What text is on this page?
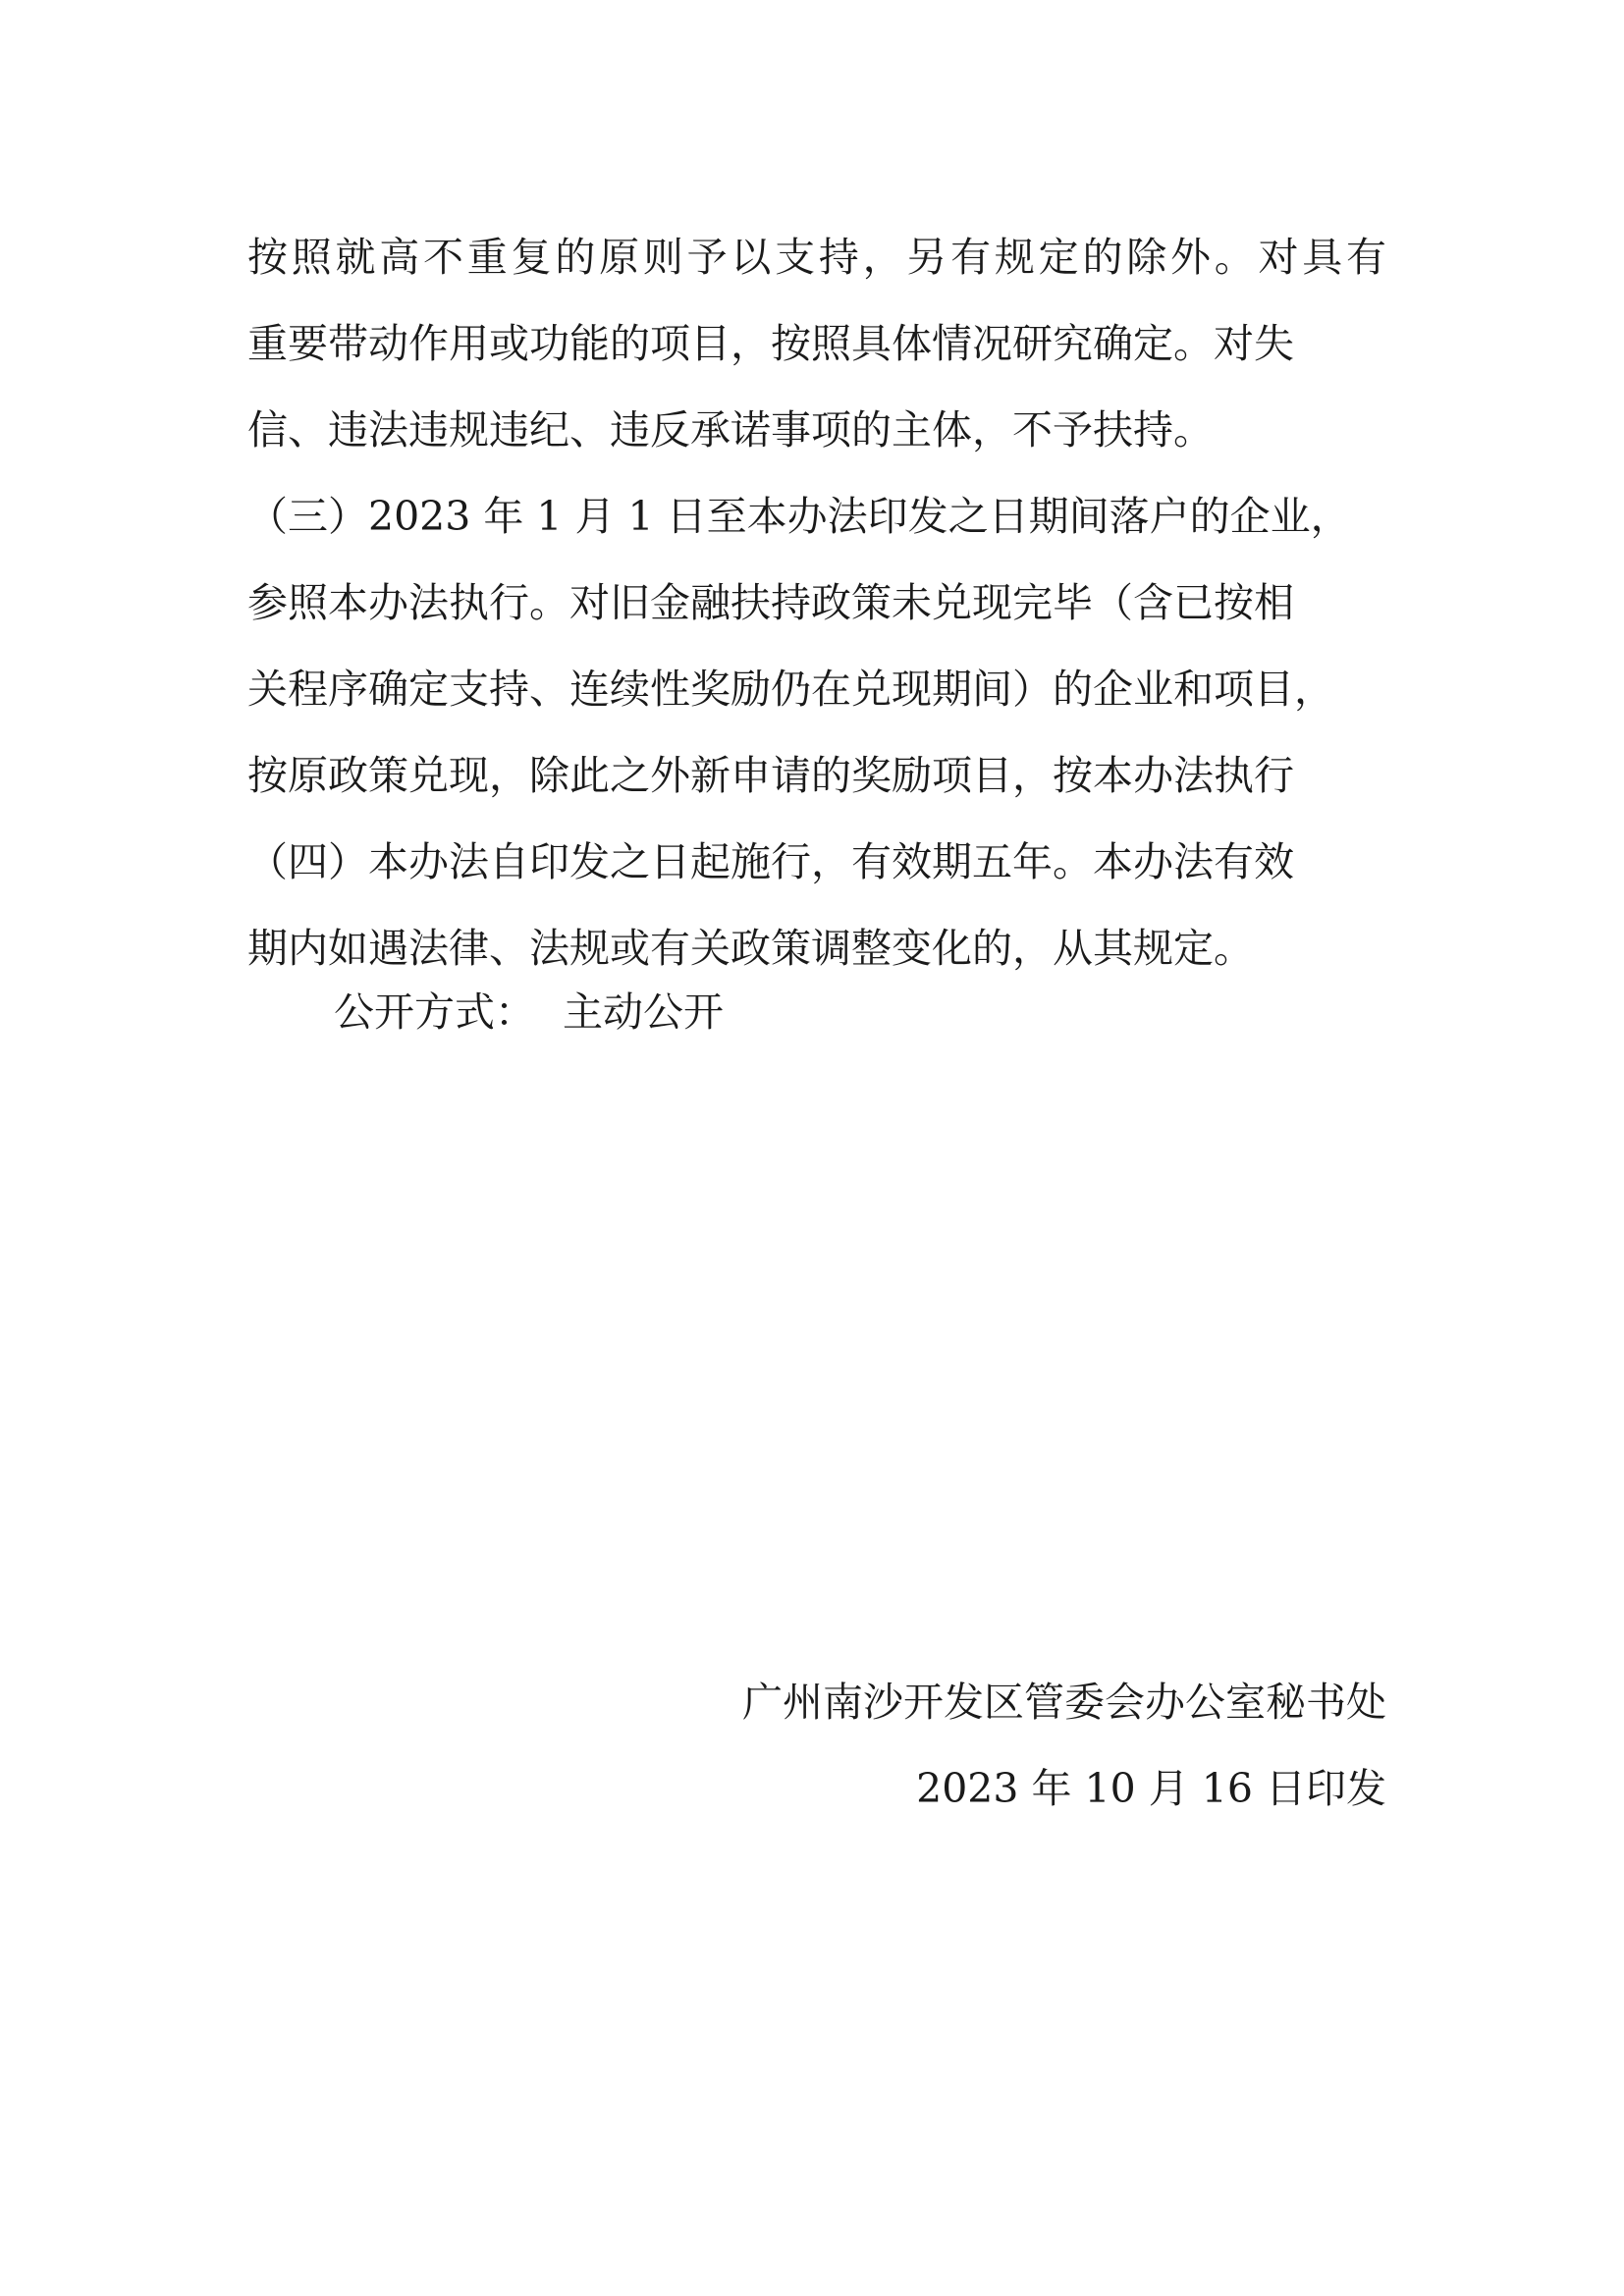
按照就高不重复的原则予以支持，另有规定的除外。对具有
重要带动作用或功能的项目，按照具体情况研究确定。对失
信、违法违规违纪、违反承诺事项的主体，不予扶持。
（三）2023 年 1 月 1 日至本办法印发之日期间落户的企业，
参照本办法执行。对旧金融扶持政策未兑现完毕（含已按相
关程序确定支持、连续性奖励仍在兑现期间）的企业和项目，
按原政策兑现，除此之外新申请的奖励项目，按本办法执行
（四）本办法自印发之日起施行，有效期五年。本办法有效
期内如遇法律、法规或有关政策调整变化的，从其规定。
公开方式： 主动公开
广州南沙开发区管委会办公室秘书处
2023 年 10 月 16 日印发
